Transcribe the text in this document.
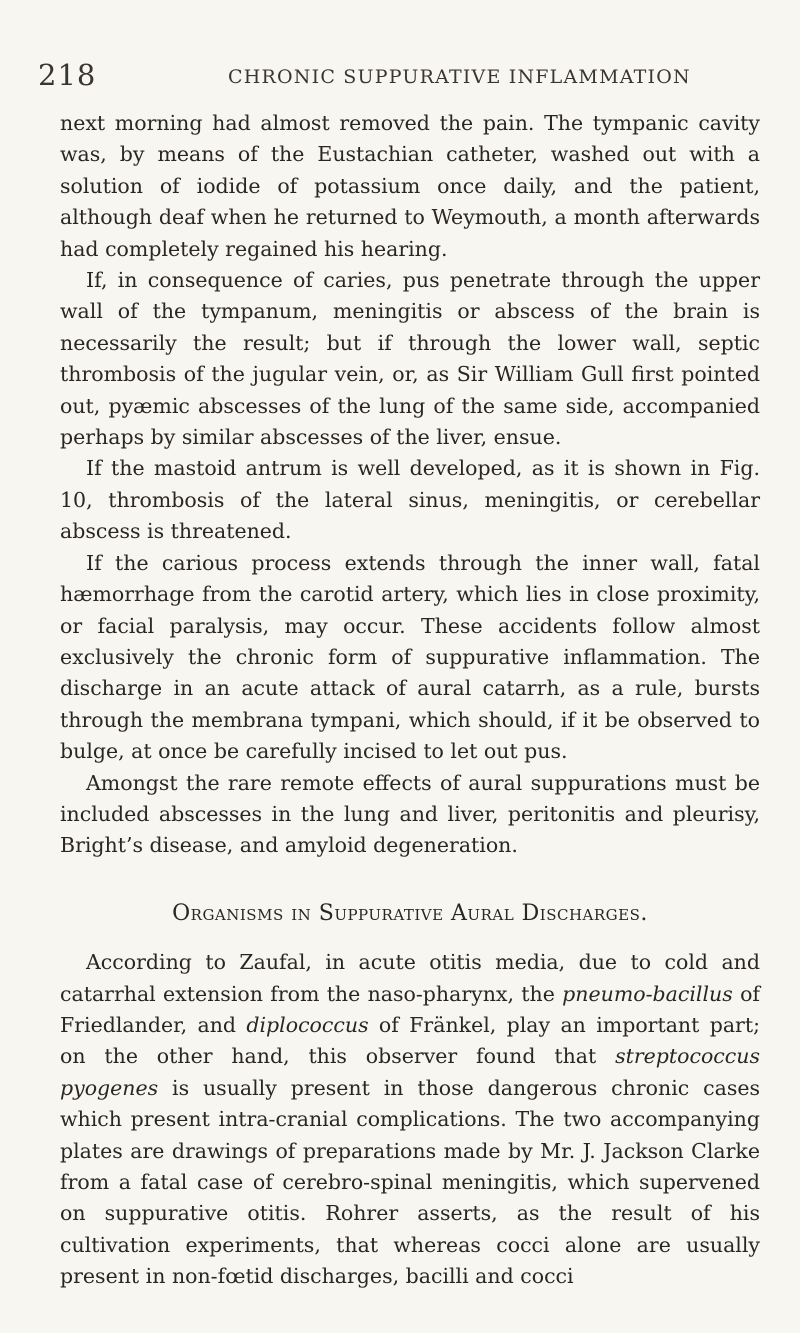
218	CHRONIC SUPPURATIVE INFLAMMATION

next morning had almost removed the pain. The tympanic cavity was, by means of the Eustachian catheter, washed out with a solution of iodide of potassium once daily, and the patient, although deaf when he returned to Weymouth, a month afterwards had completely regained his hearing.

If, in consequence of caries, pus penetrate through the upper wall of the tympanum, meningitis or abscess of the brain is necessarily the result; but if through the lower wall, septic thrombosis of the jugular vein, or, as Sir William Gull first pointed out, pyæmic abscesses of the lung of the same side, accompanied perhaps by similar abscesses of the liver, ensue.

If the mastoid antrum is well developed, as it is shown in Fig. 10, thrombosis of the lateral sinus, meningitis, or cerebellar abscess is threatened.

If the carious process extends through the inner wall, fatal hæmorrhage from the carotid artery, which lies in close proximity, or facial paralysis, may occur. These accidents follow almost exclusively the chronic form of suppurative inflammation. The discharge in an acute attack of aural catarrh, as a rule, bursts through the membrana tympani, which should, if it be observed to bulge, at once be carefully incised to let out pus.

Amongst the rare remote effects of aural suppurations must be included abscesses in the lung and liver, peritonitis and pleurisy, Bright’s disease, and amyloid degeneration.

Organisms in Suppurative Aural Discharges.

According to Zaufal, in acute otitis media, due to cold and catarrhal extension from the naso-pharynx, the pneumo-bacillus of Friedlander, and diplococcus of Fränkel, play an important part; on the other hand, this observer found that streptococcus pyogenes is usually present in those dangerous chronic cases which present intra-cranial complications. The two accompanying plates are drawings of preparations made by Mr. J. Jackson Clarke from a fatal case of cerebro-spinal meningitis, which supervened on suppurative otitis. Rohrer asserts, as the result of his cultivation experiments, that whereas cocci alone are usually present in non-fœtid discharges, bacilli and cocci
